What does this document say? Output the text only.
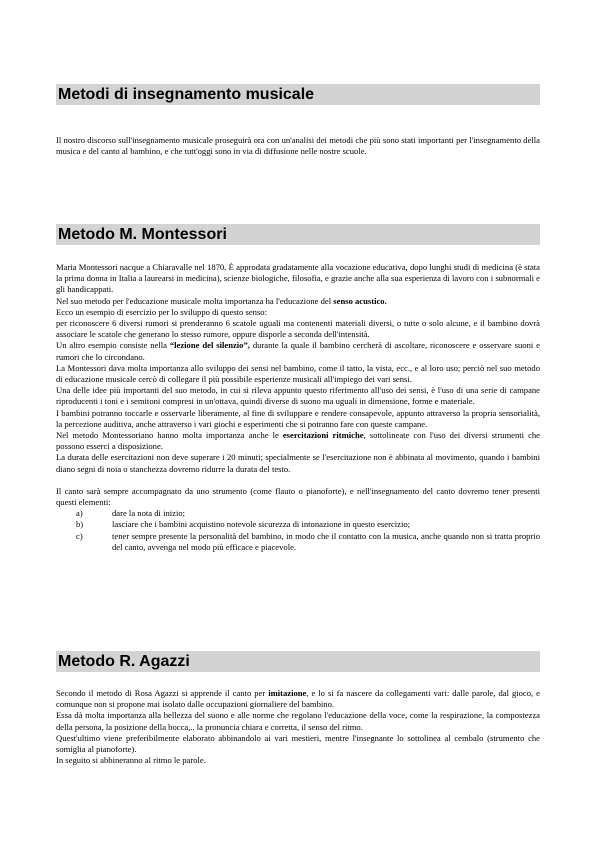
Metodi di insegnamento musicale

Il nostro discorso sull'insegnamento musicale proseguirà ora con un'analisi dei metodi che più sono stati importanti per l'insegnamento della musica e del canto al bambino, e che tutt'oggi sono in via di diffusione nelle nostre scuole.

Metodo M. Montessori

Maria Montessori nacque a Chiaravalle nel 1870. È approdata gradatamente alla vocazione educativa, dopo lunghi studi di medicina (è stata la prima donna in Italia a laurearsi in medicina), scienze biologiche, filosofia, e grazie anche alla sua esperienza di lavoro con i subnormali e gli handicappati.

Nel suo metodo per l'educazione musicale molta importanza ha l'educazione del senso acustico.

Ecco un esempio di esercizio per lo sviluppo di questo senso:

per riconoscere 6 diversi rumori si prenderanno 6 scatole uguali ma contenenti materiali diversi, o tutte o solo alcune, e il bambino dovrà associare le scatole che generano lo stesso rumore, oppure disporle a seconda dell'intensità.

Un altro esempio consiste nella “lezione del silenzio”, durante la quale il bambino cercherà di ascoltare, riconoscere e osservare suoni e rumori che lo circondano.

La Montessori dava molta importanza allo sviluppo dei sensi nel bambino, come il tatto, la vista, ecc., e al loro uso; perciò nel suo metodo di educazione musicale cercò di collegare il più possibile esperienze musicali all'impiego dei vari sensi.

Una delle idee più importanti del suo metodo, in cui si rileva appunto questo riferimento all'uso dei sensi, è l'uso di una serie di campane riproducenti i toni e i semitoni compresi in un'ottava, quindi diverse di suono ma uguali in dimensione, forme e materiale.

I bambini potranno toccarle e osservarle liberamente, al fine di sviluppare e rendere consapevole, appunto attraverso la propria sensorialità, la percezione auditiva, anche attraverso i vari giochi e esperimenti che si potranno fare con queste campane.

Nel metodo Montessoriano hanno molta importanza anche le esercitazioni ritmiche, sottolineate con l'uso dei diversi strumenti che possono esserci a disposizione.

La durata delle esercitazioni non deve superare i 20 minuti; specialmente se l'esercitazione non è abbinata al movimento, quando i bambini diano segni di noia o stanchezza dovremo ridurre la durata del testo.

Il canto sarà sempre accompagnato da uno strumento (come flauto o pianoforte), e nell'insegnamento del canto dovremo tener presenti questi elementi:

a)	dare la nota di inizio;
b)	lasciare che i bambini acquistino notevole sicurezza di intonazione in questo esercizio;
c)	tener sempre presente la personalità del bambino, in modo che il contatto con la musica, anche quando non si tratta proprio del canto, avvenga nel modo più efficace e piacevole.
Metodo R. Agazzi

Secondo il metodo di Rosa Agazzi si apprende il canto per imitazione, e lo si fa nascere da collegamenti vari: dalle parole, dal gioco, e comunque non si propone mai isolato dalle occupazioni giornaliere del bambino.

Essa dà molta importanza alla bellezza del suono e alle norme che regolano l'educazione della voce, come la respirazione, la compostezza della persona, la posizione della bocca,.. la pronuncia chiara e corretta, il senso del ritmo.

Quest'ultimo viene preferibilmente elaborato abbinandolo ai vari mestieri, mentre l'insegnante lo sottolinea al cembalo (strumento che somiglia al pianoforte).

In seguito si abbineranno al ritmo le parole.
